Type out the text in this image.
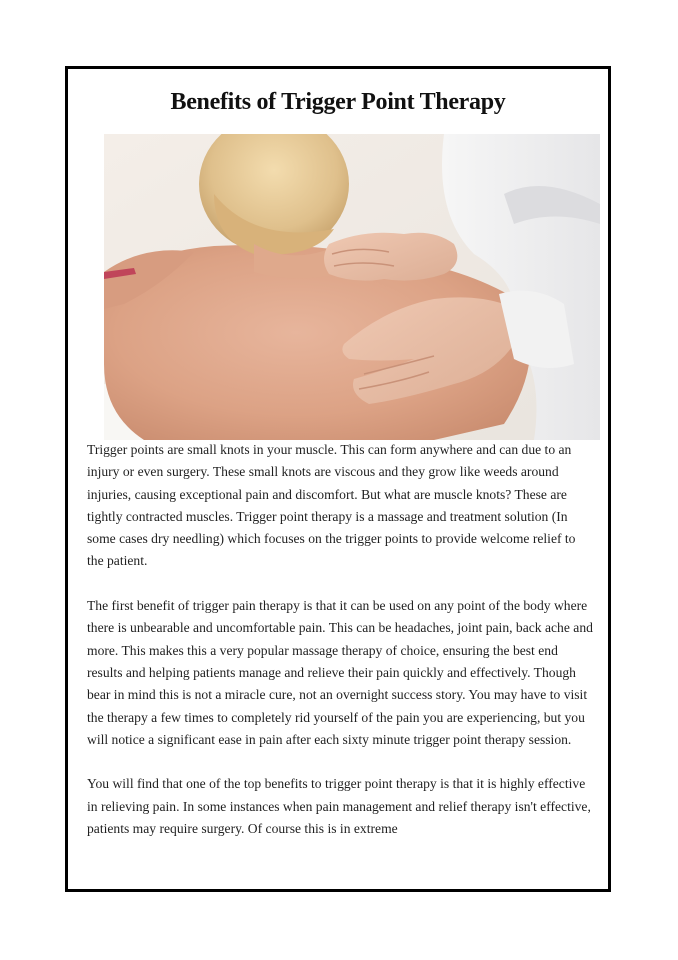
Benefits of Trigger Point Therapy

Trigger points are small knots in your muscle. This can form anywhere and can due to an injury or even surgery. These small knots are viscous and they grow like weeds around injuries, causing exceptional pain and discomfort. But what are muscle knots? These are tightly contracted muscles. Trigger point therapy is a massage and treatment solution (In some cases dry needling) which focuses on the trigger points to provide welcome relief to the patient.

The first benefit of trigger pain therapy is that it can be used on any point of the body where there is unbearable and uncomfortable pain. This can be headaches, joint pain, back ache and more. This makes this a very popular massage therapy of choice, ensuring the best end results and helping patients manage and relieve their pain quickly and effectively. Though bear in mind this is not a miracle cure, not an overnight success story. You may have to visit the therapy a few times to completely rid yourself of the pain you are experiencing, but you will notice a significant ease in pain after each sixty minute trigger point therapy session.

You will find that one of the top benefits to trigger point therapy is that it is highly effective in relieving pain. In some instances when pain management and relief therapy isn't effective, patients may require surgery. Of course this is in extreme
